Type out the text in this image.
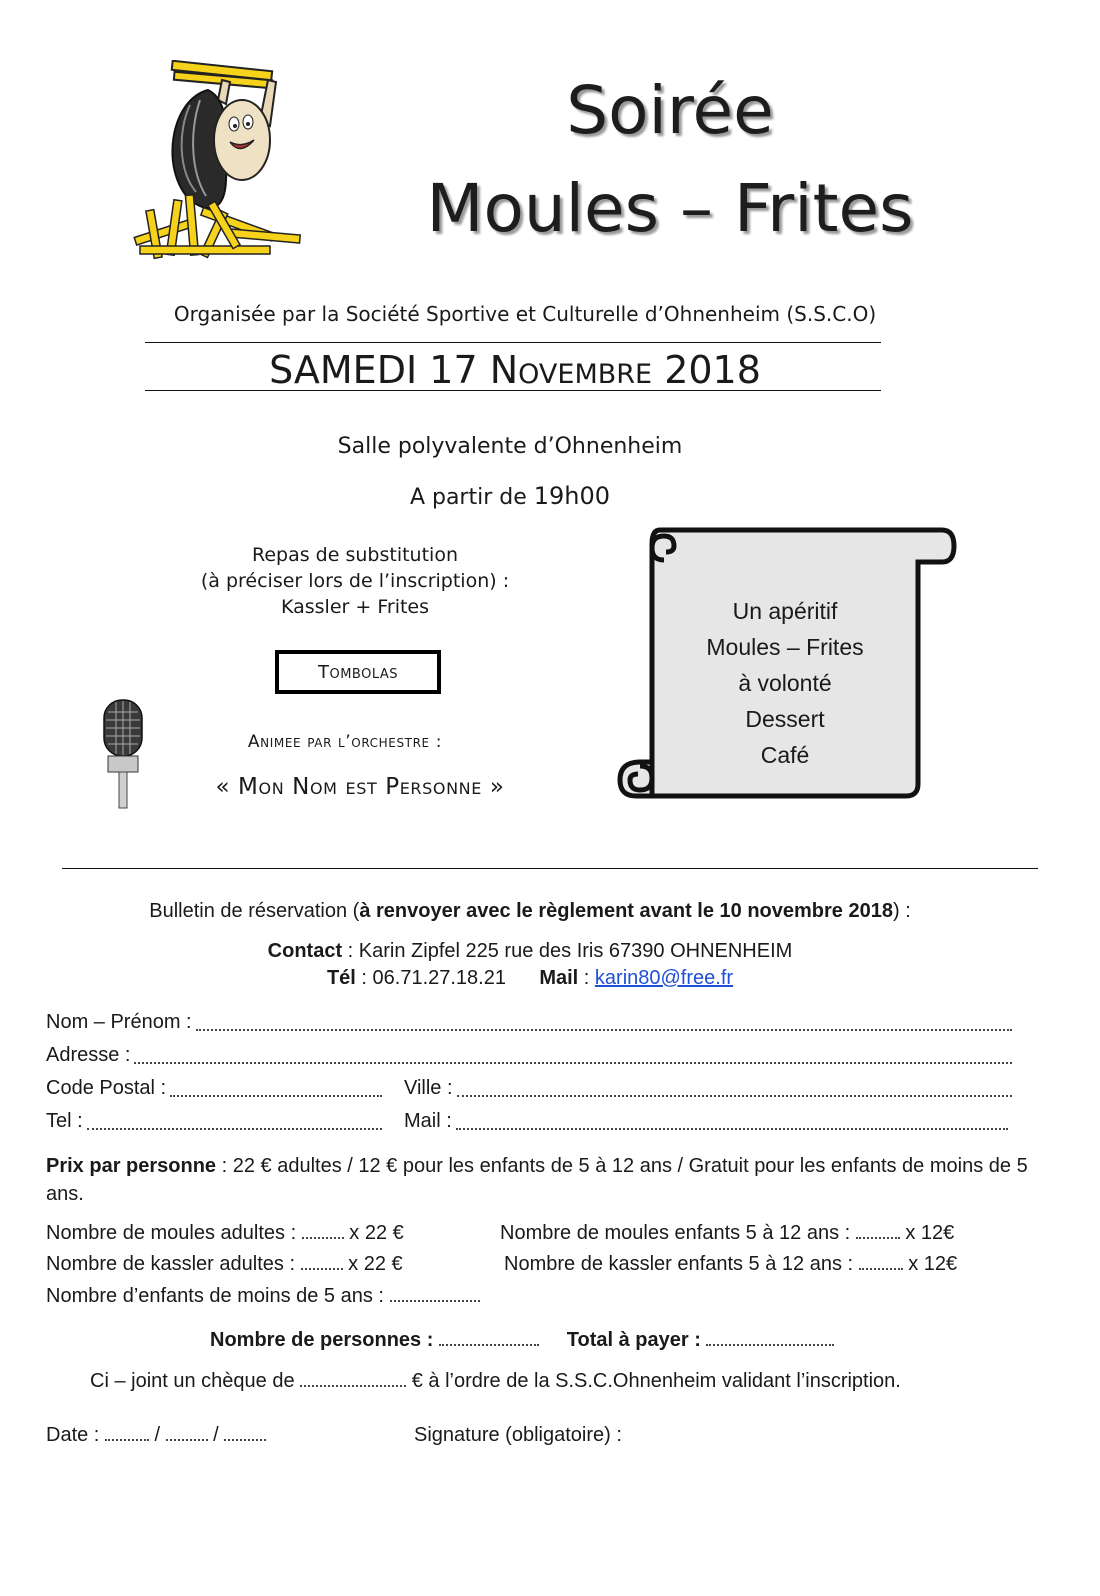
Soirée
Moules – Frites
Organisée par la Société Sportive et Culturelle d’Ohnenheim (S.S.C.O)
SAMEDI 17 Novembre 2018
Salle polyvalente d’Ohnenheim
A partir de 19h00
Repas de substitution
(à préciser lors de l’inscription) :
Kassler + Frites
Tombolas
Animee par l’orchestre :
« Mon Nom est Personne »
Un apéritif
Moules – Frites
à volonté
Dessert
Café
Bulletin de réservation (à renvoyer avec le règlement avant le 10 novembre 2018) :
Contact : Karin Zipfel 225 rue des Iris 67390 OHNENHEIM
Tél : 06.71.27.18.21 Mail : karin80@free.fr
Nom – Prénom :
Adresse :
Code Postal :	Ville :
Tel :	Mail :
Prix par personne : 22 € adultes / 12 € pour les enfants de 5 à 12 ans / Gratuit pour les enfants de moins de 5 ans.
Nombre de moules adultes :	x 22 €
Nombre de kassler adultes :	x 22 €
Nombre de moules enfants 5 à 12 ans :	x 12€
Nombre de kassler enfants 5 à 12 ans :	x 12€
Nombre d’enfants de moins de 5 ans :
Nombre de personnes :	Total à payer :
Ci – joint un chèque de	€ à l’ordre de la S.S.C.Ohnenheim validant l’inscription.
Date :	/	/	Signature (obligatoire) :
